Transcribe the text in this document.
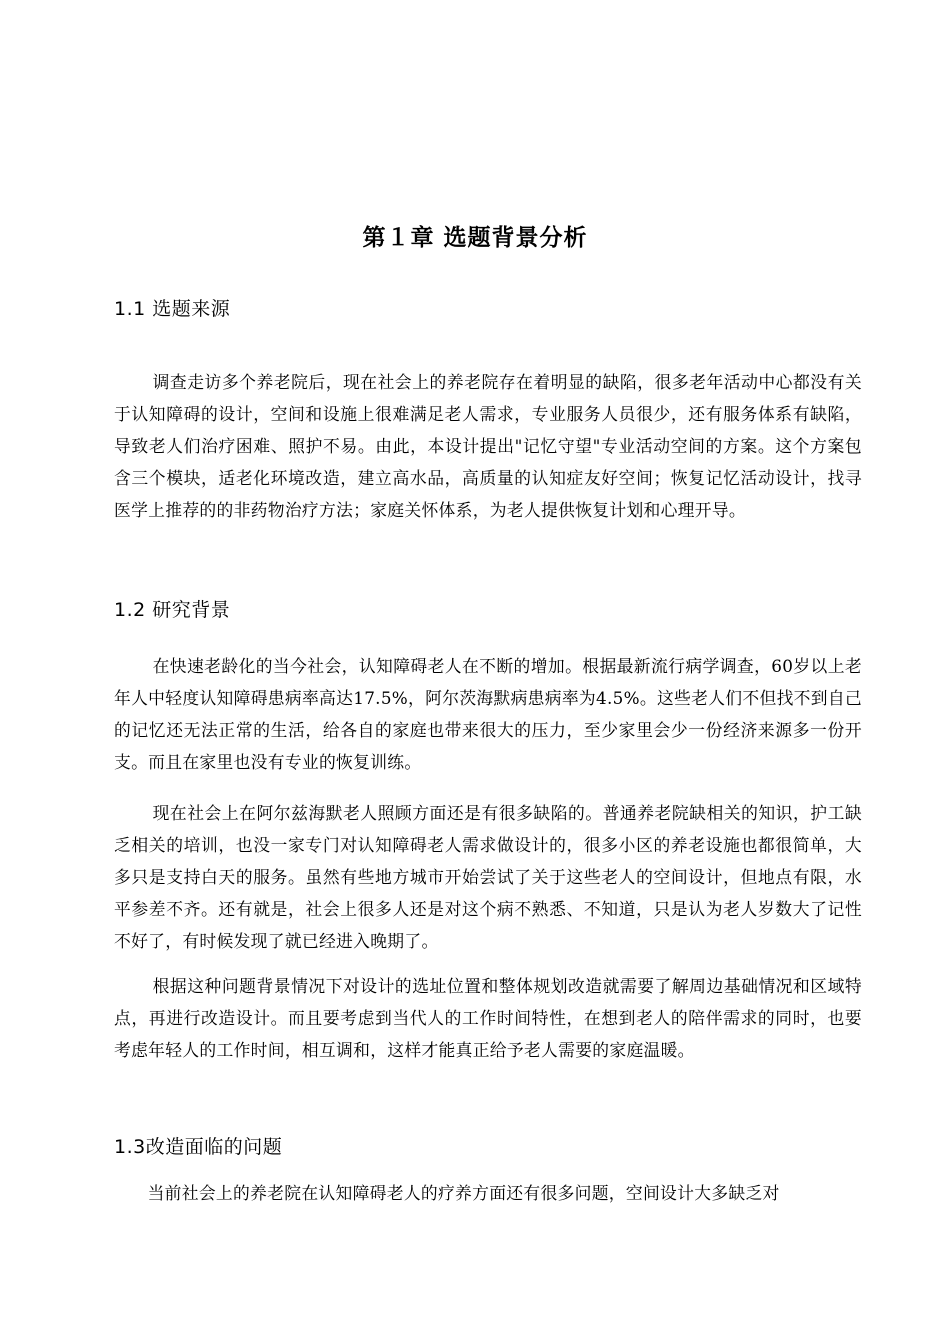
第１章 选题背景分析
1.1 选题来源

调查走访多个养老院后，现在社会上的养老院存在着明显的缺陷，很多老年活动中心都没有关于认知障碍的设计，空间和设施上很难满足老人需求，专业服务人员很少，还有服务体系有缺陷，导致老人们治疗困难、照护不易。由此，本设计提出"记忆守望"专业活动空间的方案。这个方案包含三个模块，适老化环境改造，建立高水品，高质量的认知症友好空间；恢复记忆活动设计，找寻医学上推荐的的非药物治疗方法；家庭关怀体系，为老人提供恢复计划和心理开导。

1.2 研究背景

在快速老龄化的当今社会，认知障碍老人在不断的增加。根据最新流行病学调查，60岁以上老年人中轻度认知障碍患病率高达17.5%，阿尔茨海默病患病率为4.5%。这些老人们不但找不到自己的记忆还无法正常的生活，给各自的家庭也带来很大的压力，至少家里会少一份经济来源多一份开支。而且在家里也没有专业的恢复训练。

现在社会上在阿尔兹海默老人照顾方面还是有很多缺陷的。普通养老院缺相关的知识，护工缺乏相关的培训，也没一家专门对认知障碍老人需求做设计的，很多小区的养老设施也都很简单，大多只是支持白天的服务。虽然有些地方城市开始尝试了关于这些老人的空间设计，但地点有限，水平参差不齐。还有就是，社会上很多人还是对这个病不熟悉、不知道，只是认为老人岁数大了记性不好了，有时候发现了就已经进入晚期了。

根据这种问题背景情况下对设计的选址位置和整体规划改造就需要了解周边基础情况和区域特点，再进行改造设计。而且要考虑到当代人的工作时间特性，在想到老人的陪伴需求的同时，也要考虑年轻人的工作时间，相互调和，这样才能真正给予老人需要的家庭温暖。

1.3改造面临的问题

当前社会上的养老院在认知障碍老人的疗养方面还有很多问题，空间设计大多缺乏对
